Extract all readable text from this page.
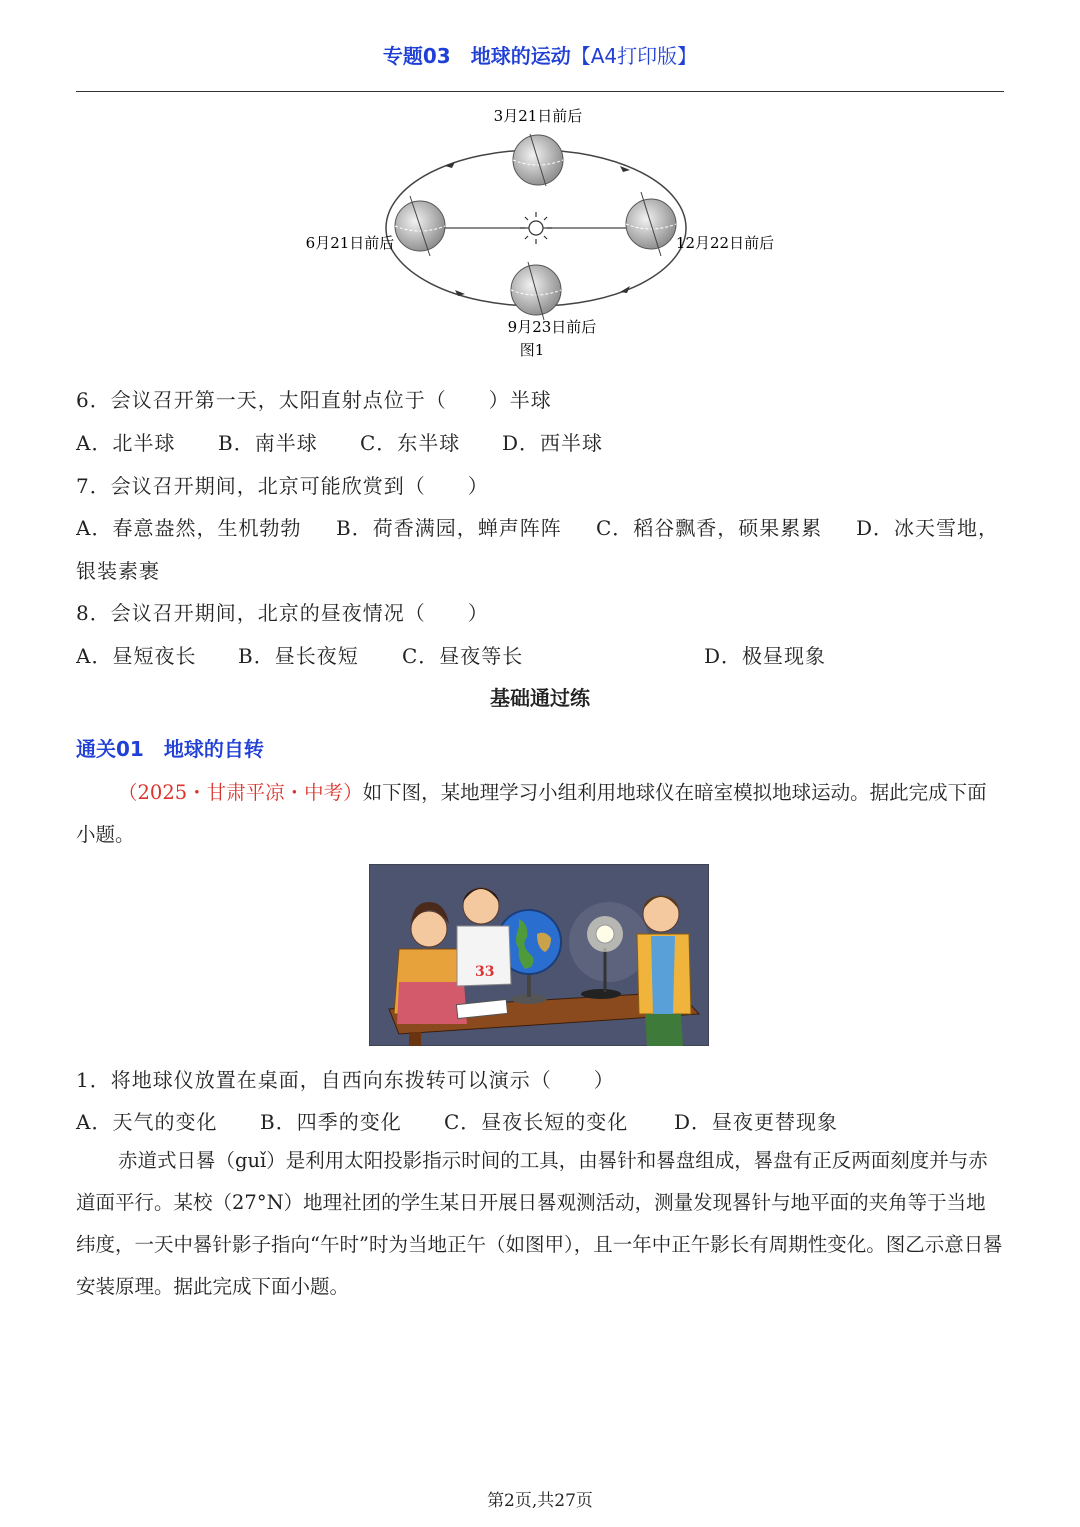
专题03　地球的运动【A4打印版】
3月21日前后
6月21日前后	12月22日前后
9月23日前后
图1
6．会议召开第一天，太阳直射点位于（　　）半球
A．北半球 B．南半球 C．东半球 D．西半球
7．会议召开期间，北京可能欣赏到（　　）
A．春意盎然，生机勃勃 B．荷香满园，蝉声阵阵 C．稻谷飘香，硕果累累 D．冰天雪地，
银装素裹
8．会议召开期间，北京的昼夜情况（　　）
A．昼短夜长 B．昼长夜短 C．昼夜等长	D．极昼现象
基础通过练
通关01　地球的自转
（2025・甘肃平凉・中考）如下图，某地理学习小组利用地球仪在暗室模拟地球运动。据此完成下面小题。
33
1．将地球仪放置在桌面，自西向东拨转可以演示（　　）
A．天气的变化 B．四季的变化 C．昼夜长短的变化 D．昼夜更替现象
赤道式日晷（guǐ）是利用太阳投影指示时间的工具，由晷针和晷盘组成，晷盘有正反两面刻度并与赤道面平行。某校（27°N）地理社团的学生某日开展日晷观测活动，测量发现晷针与地平面的夹角等于当地纬度，一天中晷针影子指向“午时”时为当地正午（如图甲），且一年中正午影长有周期性变化。图乙示意日晷安装原理。据此完成下面小题。
第2页,共27页
